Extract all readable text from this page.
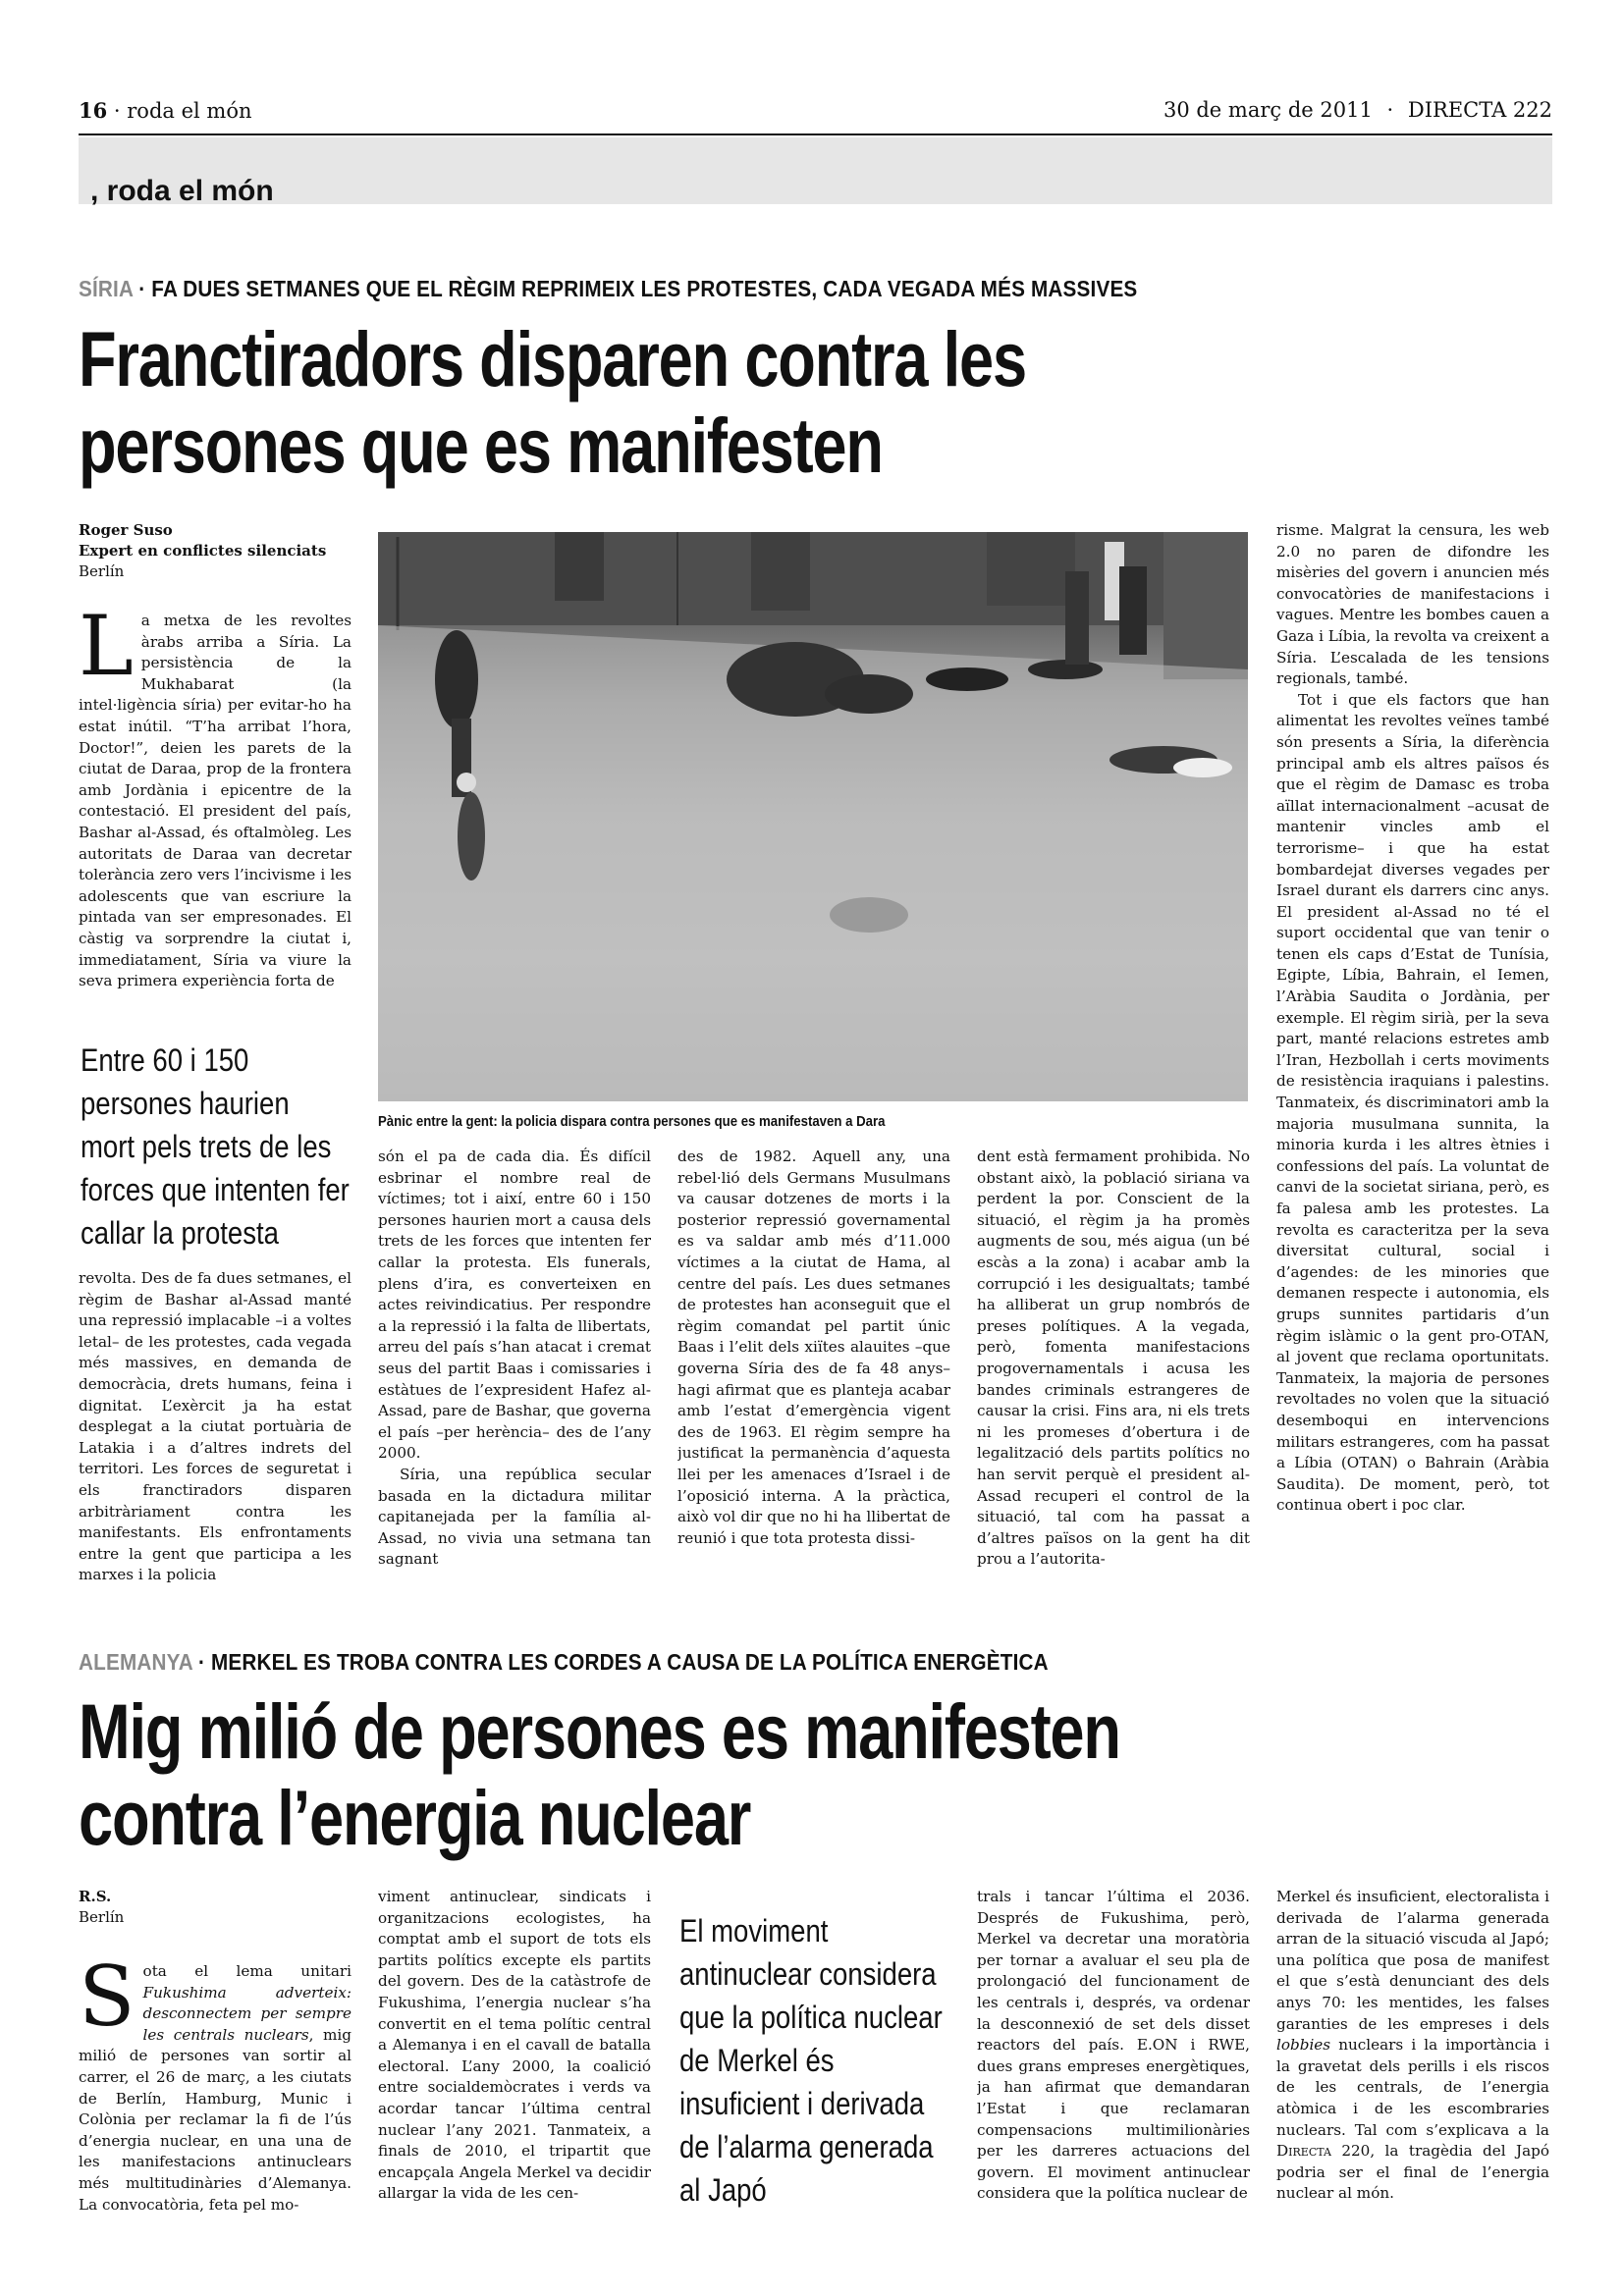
16 · roda el món	30 de març de 2011 · DIRECTA 222
, roda el món
SÍRIA · FA DUES SETMANES QUE EL RÈGIM REPRIMEIX LES PROTESTES, CADA VEGADA MÉS MASSIVES
Franctiradors disparen contra les
persones que es manifesten
Roger Suso
Expert en conflictes silenciats
Berlín
L a metxa de les revoltes àrabs arriba a Síria. La persistència de la Mukhabarat (la intel·ligència síria) per evitar-ho ha estat inútil. “T’ha arribat l’hora, Doctor!”, deien les parets de la ciutat de Daraa, prop de la frontera amb Jordània i epicentre de la contestació. El president del país, Bashar al-Assad, és oftalmòleg. Les autoritats de Daraa van decretar tolerància zero vers l’incivisme i les adolescents que van escriure la pintada van ser empresonades. El càstig va sorprendre la ciutat i, immediatament, Síria va viure la seva primera experiència forta de

Entre 60 i 150 persones haurien mort pels trets de les forces que intenten fer callar la protesta

revolta. Des de fa dues setmanes, el règim de Bashar al-Assad manté una repressió implacable –i a voltes letal– de les protestes, cada vegada més massives, en demanda de democràcia, drets humans, feina i dignitat. L’exèrcit ja ha estat desplegat a la ciutat portuària de Latakia i a d’altres indrets del territori. Les forces de seguretat i els franctiradors disparen arbitràriament contra les manifestants. Els enfrontaments entre la gent que participa a les marxes i la policia

Pànic entre la gent: la policia dispara contra persones que es manifestaven a Dara

són el pa de cada dia. És difícil esbrinar el nombre real de víctimes; tot i així, entre 60 i 150 persones haurien mort a causa dels trets de les forces que intenten fer callar la protesta. Els funerals, plens d’ira, es converteixen en actes reivindicatius. Per respondre a la repressió i la falta de llibertats, arreu del país s’han atacat i cremat seus del partit Baas i comissaries i estàtues de l’expresident Hafez al-Assad, pare de Bashar, que governa el país –per herència– des de l’any 2000.

Síria, una república secular basada en la dictadura militar capitanejada per la família al-Assad, no vivia una setmana tan sagnant

des de 1982. Aquell any, una rebel·lió dels Germans Musulmans va causar dotzenes de morts i la posterior repressió governamental es va saldar amb més d’11.000 víctimes a la ciutat de Hama, al centre del país. Les dues setmanes de protestes han aconseguit que el règim comandat pel partit únic Baas i l’elit dels xiïtes alauites –que governa Síria des de fa 48 anys– hagi afirmat que es planteja acabar amb l’estat d’emergència vigent des de 1963. El règim sempre ha justificat la permanència d’aquesta llei per les amenaces d’Israel i de l’oposició interna. A la pràctica, això vol dir que no hi ha llibertat de reunió i que tota protesta dissi-

dent està fermament prohibida. No obstant això, la població siriana va perdent la por. Conscient de la situació, el règim ja ha promès augments de sou, més aigua (un bé escàs a la zona) i acabar amb la corrupció i les desigualtats; també ha alliberat un grup nombrós de preses polítiques. A la vegada, però, fomenta manifestacions progovernamentals i acusa les bandes criminals estrangeres de causar la crisi. Fins ara, ni els trets ni les promeses d’obertura i de legalització dels partits polítics no han servit perquè el president al-Assad recuperi el control de la situació, tal com ha passat a d’altres països on la gent ha dit prou a l’autorita-

risme. Malgrat la censura, les web 2.0 no paren de difondre les misèries del govern i anuncien més convocatòries de manifestacions i vagues. Mentre les bombes cauen a Gaza i Líbia, la revolta va creixent a Síria. L’escalada de les tensions regionals, també.

Tot i que els factors que han alimentat les revoltes veïnes també són presents a Síria, la diferència principal amb els altres països és que el règim de Damasc es troba aïllat internacionalment –acusat de mantenir vincles amb el terrorisme– i que ha estat bombardejat diverses vegades per Israel durant els darrers cinc anys. El president al-Assad no té el suport occidental que van tenir o tenen els caps d’Estat de Tunísia, Egipte, Líbia, Bahrain, el Iemen, l’Aràbia Saudita o Jordània, per exemple. El règim sirià, per la seva part, manté relacions estretes amb l’Iran, Hezbollah i certs moviments de resistència iraquians i palestins. Tanmateix, és discriminatori amb la majoria musulmana sunnita, la minoria kurda i les altres ètnies i confessions del país. La voluntat de canvi de la societat siriana, però, es fa palesa amb les protestes. La revolta es caracteritza per la seva diversitat cultural, social i d’agendes: de les minories que demanen respecte i autonomia, els grups sunnites partidaris d’un règim islàmic o la gent pro-OTAN, al jovent que reclama oportunitats. Tanmateix, la majoria de persones revoltades no volen que la situació desemboqui en intervencions militars estrangeres, com ha passat a Líbia (OTAN) o Bahrain (Aràbia Saudita). De moment, però, tot continua obert i poc clar.

ALEMANYA · MERKEL ES TROBA CONTRA LES CORDES A CAUSA DE LA POLÍTICA ENERGÈTICA
Mig milió de persones es manifesten
contra l’energia nuclear
R.S.
Berlín
Sota el lema unitari Fukushima adverteix: desconnectem per sempre les centrals nuclears, mig milió de persones van sortir al carrer, el 26 de març, a les ciutats de Berlín, Hamburg, Munic i Colònia per reclamar la fi de l’ús d’energia nuclear, en una una de les manifestacions antinuclears més multitudinàries d’Alemanya. La convocatòria, feta pel mo-

viment antinuclear, sindicats i organitzacions ecologistes, ha comptat amb el suport de tots els partits polítics excepte els partits del govern. Des de la catàstrofe de Fukushima, l’energia nuclear s’ha convertit en el tema polític central a Alemanya i en el cavall de batalla electoral. L’any 2000, la coalició entre socialdemòcrates i verds va acordar tancar l’última central nuclear l’any 2021. Tanmateix, a finals de 2010, el tripartit que encapçala Angela Merkel va decidir allargar la vida de les cen-

El moviment antinuclear considera que la política nuclear de Merkel és insuficient i derivada de l’alarma generada al Japó

trals i tancar l’última el 2036. Després de Fukushima, però, Merkel va decretar una moratòria per tornar a avaluar el seu pla de prolongació del funcionament de les centrals i, després, va ordenar la desconnexió de set dels disset reactors del país. E.ON i RWE, dues grans empreses energètiques, ja han afirmat que demandaran l’Estat i que reclamaran compensacions multimilionàries per les darreres actuacions del govern. El moviment antinuclear considera que la política nuclear de

Merkel és insuficient, electoralista i derivada de l’alarma generada arran de la situació viscuda al Japó; una política que posa de manifest el que s’està denunciant des dels anys 70: les mentides, les falses garanties de les empreses i dels lobbies nuclears i la importància i la gravetat dels perills i els riscos de les centrals, de l’energia atòmica i de les escombraries nuclears. Tal com s’explicava a la Directa 220, la tragèdia del Japó podria ser el final de l’energia nuclear al món.
